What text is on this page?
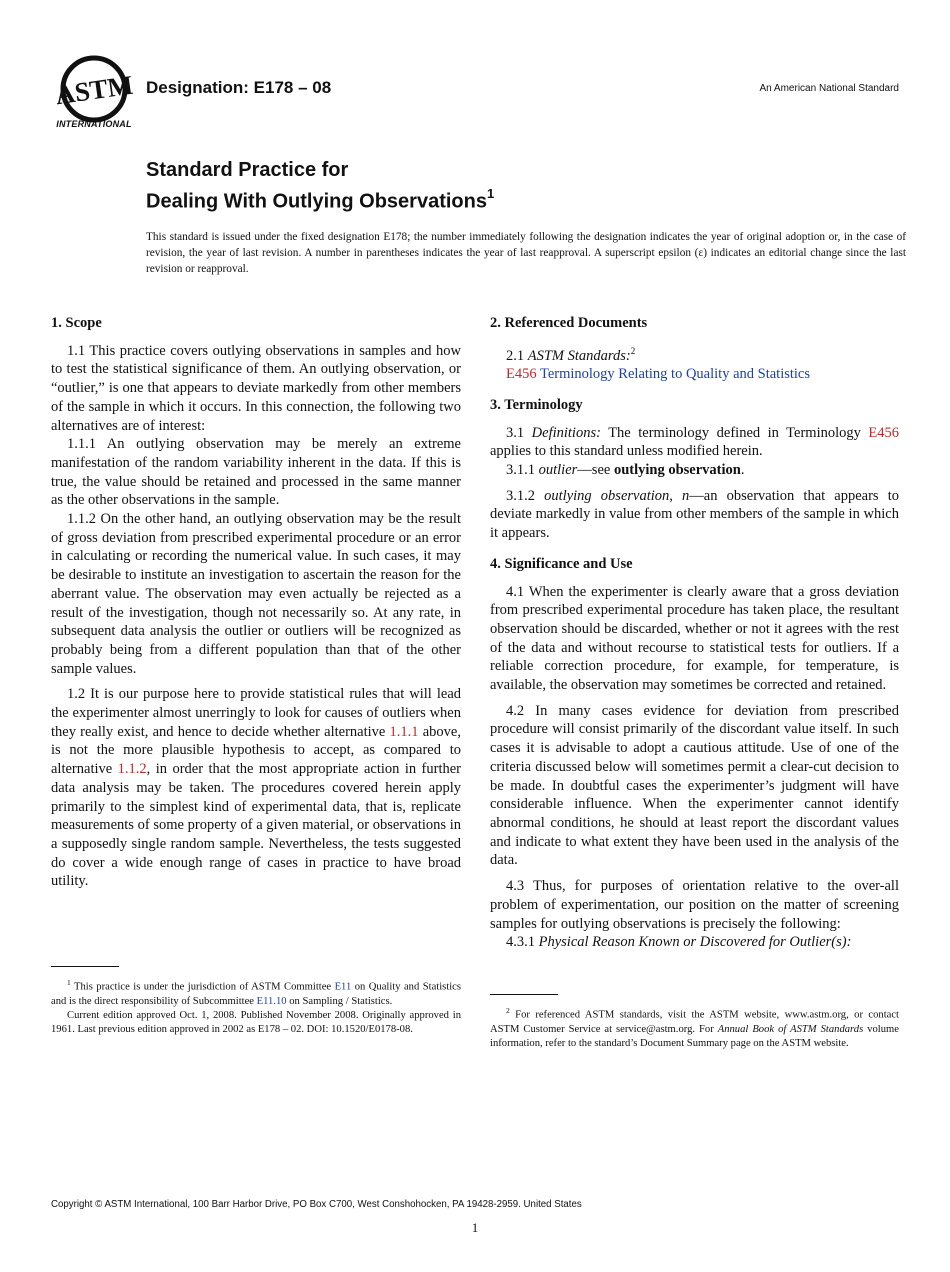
ASTM
INTERNATIONAL
Designation: E178 – 08	An American National Standard
Standard Practice for
Dealing With Outlying Observations$^1$
This standard is issued under the fixed designation E178; the number immediately following the designation indicates the year of original adoption or, in the case of revision, the year of last revision. A number in parentheses indicates the year of last reapproval. A superscript epsilon (ε) indicates an editorial change since the last revision or reapproval.
1. Scope

1.1 This practice covers outlying observations in samples and how to test the statistical significance of them. An outlying observation, or “outlier,” is one that appears to deviate markedly from other members of the sample in which it occurs. In this connection, the following two alternatives are of interest:

1.1.1 An outlying observation may be merely an extreme manifestation of the random variability inherent in the data. If this is true, the value should be retained and processed in the same manner as the other observations in the sample.

1.1.2 On the other hand, an outlying observation may be the result of gross deviation from prescribed experimental procedure or an error in calculating or recording the numerical value. In such cases, it may be desirable to institute an investigation to ascertain the reason for the aberrant value. The observation may even actually be rejected as a result of the investigation, though not necessarily so. At any rate, in subsequent data analysis the outlier or outliers will be recognized as probably being from a different population than that of the other sample values.

1.2 It is our purpose here to provide statistical rules that will lead the experimenter almost unerringly to look for causes of outliers when they really exist, and hence to decide whether alternative 1.1.1 above, is not the more plausible hypothesis to accept, as compared to alternative 1.1.2, in order that the most appropriate action in further data analysis may be taken. The procedures covered herein apply primarily to the simplest kind of experimental data, that is, replicate measurements of some property of a given material, or observations in a supposedly single random sample. Nevertheless, the tests suggested do cover a wide enough range of cases in practice to have broad utility.

2. Referenced Documents

2.1 ASTM Standards:$^2$

E456 Terminology Relating to Quality and Statistics

3. Terminology

3.1 Definitions: The terminology defined in Terminology E456 applies to this standard unless modified herein.

3.1.1 outlier—see outlying observation.

3.1.2 outlying observation, n—an observation that appears to deviate markedly in value from other members of the sample in which it appears.

4. Significance and Use

4.1 When the experimenter is clearly aware that a gross deviation from prescribed experimental procedure has taken place, the resultant observation should be discarded, whether or not it agrees with the rest of the data and without recourse to statistical tests for outliers. If a reliable correction procedure, for example, for temperature, is available, the observation may sometimes be corrected and retained.

4.2 In many cases evidence for deviation from prescribed procedure will consist primarily of the discordant value itself. In such cases it is advisable to adopt a cautious attitude. Use of one of the criteria discussed below will sometimes permit a clear-cut decision to be made. In doubtful cases the experimenter’s judgment will have considerable influence. When the experimenter cannot identify abnormal conditions, he should at least report the discordant values and indicate to what extent they have been used in the analysis of the data.

4.3 Thus, for purposes of orientation relative to the over-all problem of experimentation, our position on the matter of screening samples for outlying observations is precisely the following:

4.3.1 Physical Reason Known or Discovered for Outlier(s):

$^1$ This practice is under the jurisdiction of ASTM Committee E11 on Quality and Statistics and is the direct responsibility of Subcommittee E11.10 on Sampling / Statistics.
Current edition approved Oct. 1, 2008. Published November 2008. Originally approved in 1961. Last previous edition approved in 2002 as E178 – 02. DOI: 10.1520/E0178-08.
$^2$ For referenced ASTM standards, visit the ASTM website, www.astm.org, or contact ASTM Customer Service at service@astm.org. For Annual Book of ASTM Standards volume information, refer to the standard’s Document Summary page on the ASTM website.
Copyright © ASTM International, 100 Barr Harbor Drive, PO Box C700, West Conshohocken, PA 19428-2959. United States
1
